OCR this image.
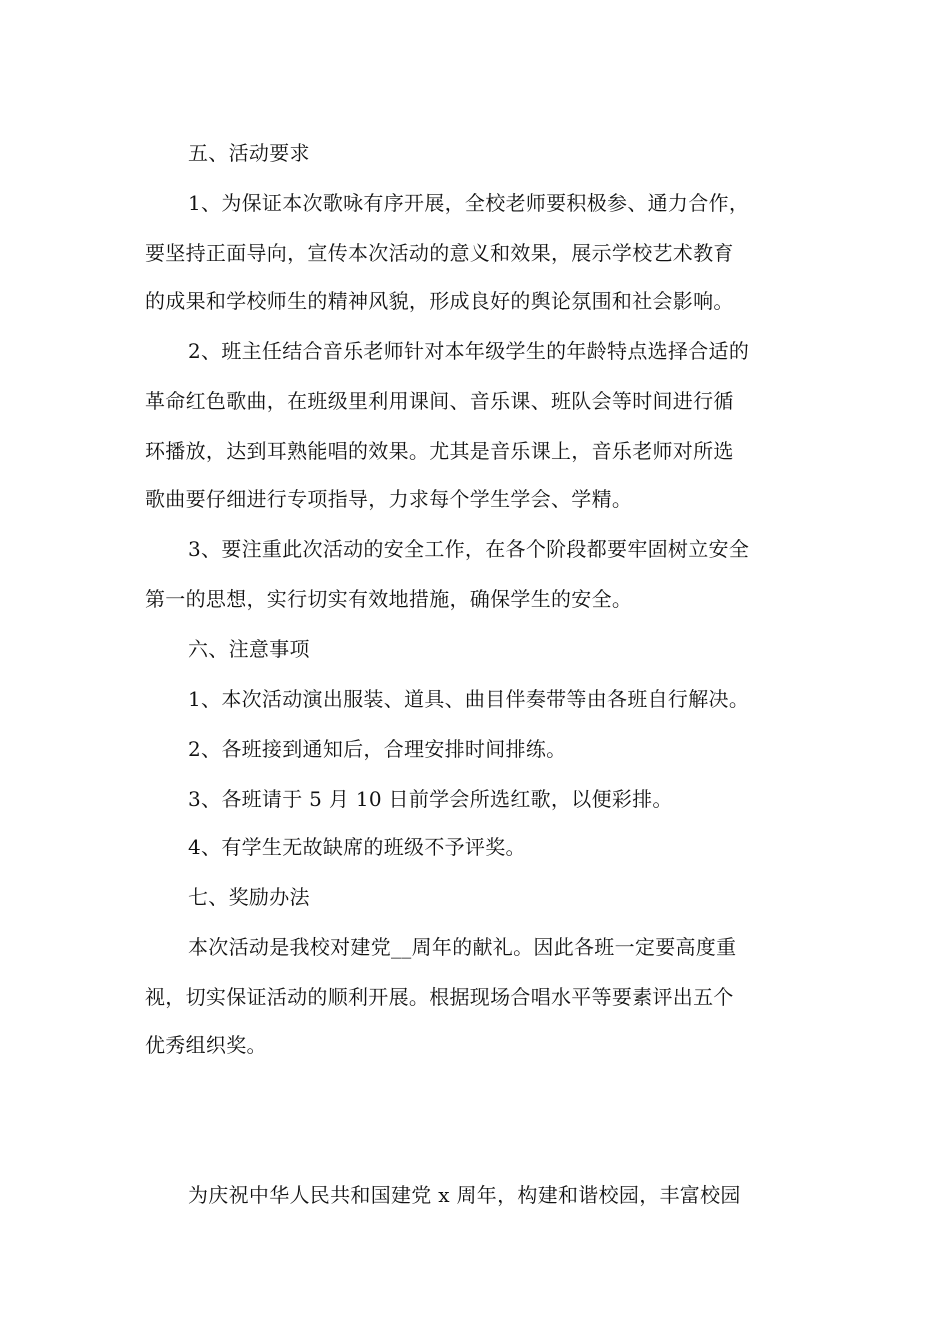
五、活动要求
1、为保证本次歌咏有序开展，全校老师要积极参、通力合作，
要坚持正面导向，宣传本次活动的意义和效果，展示学校艺术教育
的成果和学校师生的精神风貌，形成良好的舆论氛围和社会影响。
2、班主任结合音乐老师针对本年级学生的年龄特点选择合适的
革命红色歌曲，在班级里利用课间、音乐课、班队会等时间进行循
环播放，达到耳熟能唱的效果。尤其是音乐课上，音乐老师对所选
歌曲要仔细进行专项指导，力求每个学生学会、学精。
3、要注重此次活动的安全工作，在各个阶段都要牢固树立安全
第一的思想，实行切实有效地措施，确保学生的安全。
六、注意事项
1、本次活动演出服装、道具、曲目伴奏带等由各班自行解决。
2、各班接到通知后，合理安排时间排练。
3、各班请于 5 月 10 日前学会所选红歌，以便彩排。
4、有学生无故缺席的班级不予评奖。
七、奖励办法
本次活动是我校对建党__周年的献礼。因此各班一定要高度重
视，切实保证活动的顺利开展。根据现场合唱水平等要素评出五个
优秀组织奖。
为庆祝中华人民共和国建党 x 周年，构建和谐校园，丰富校园
